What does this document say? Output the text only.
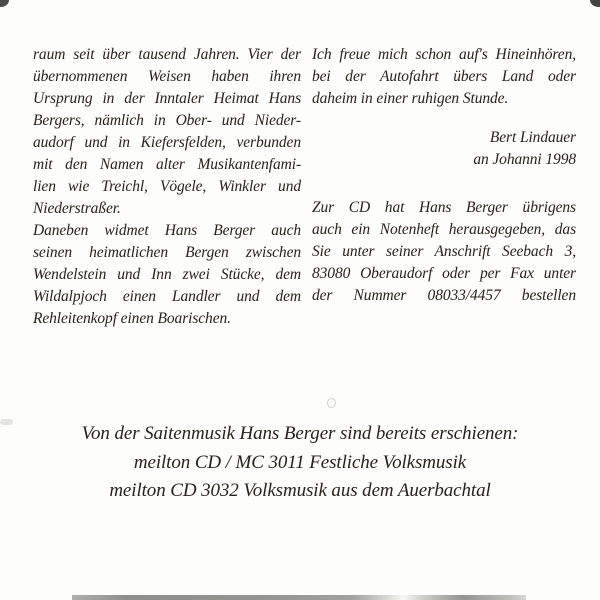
raum seit über tausend Jahren. Vier der
übernommenen Weisen haben ihren
Ursprung in der Inntaler Heimat Hans
Bergers, nämlich in Ober- und Nieder-
audorf und in Kiefersfelden, verbunden
mit den Namen alter Musikantenfami-
lien wie Treichl, Vögele, Winkler und
Niederstraßer.
Daneben widmet Hans Berger auch
seinen heimatlichen Bergen zwischen
Wendelstein und Inn zwei Stücke, dem
Wildalpjoch einen Landler und dem
Rehleitenkopf einen Boarischen.
Ich freue mich schon auf's Hineinhören,
bei der Autofahrt übers Land oder
daheim in einer ruhigen Stunde.
Bert Lindauer
an Johanni 1998
Zur CD hat Hans Berger übrigens
auch ein Notenheft herausgegeben, das
Sie unter seiner Anschrift Seebach 3,
83080 Oberaudorf oder per Fax unter
der Nummer 08033/4457 bestellen
Von der Saitenmusik Hans Berger sind bereits erschienen:
meilton CD / MC 3011 Festliche Volksmusik
meilton CD 3032 Volksmusik aus dem Auerbachtal
